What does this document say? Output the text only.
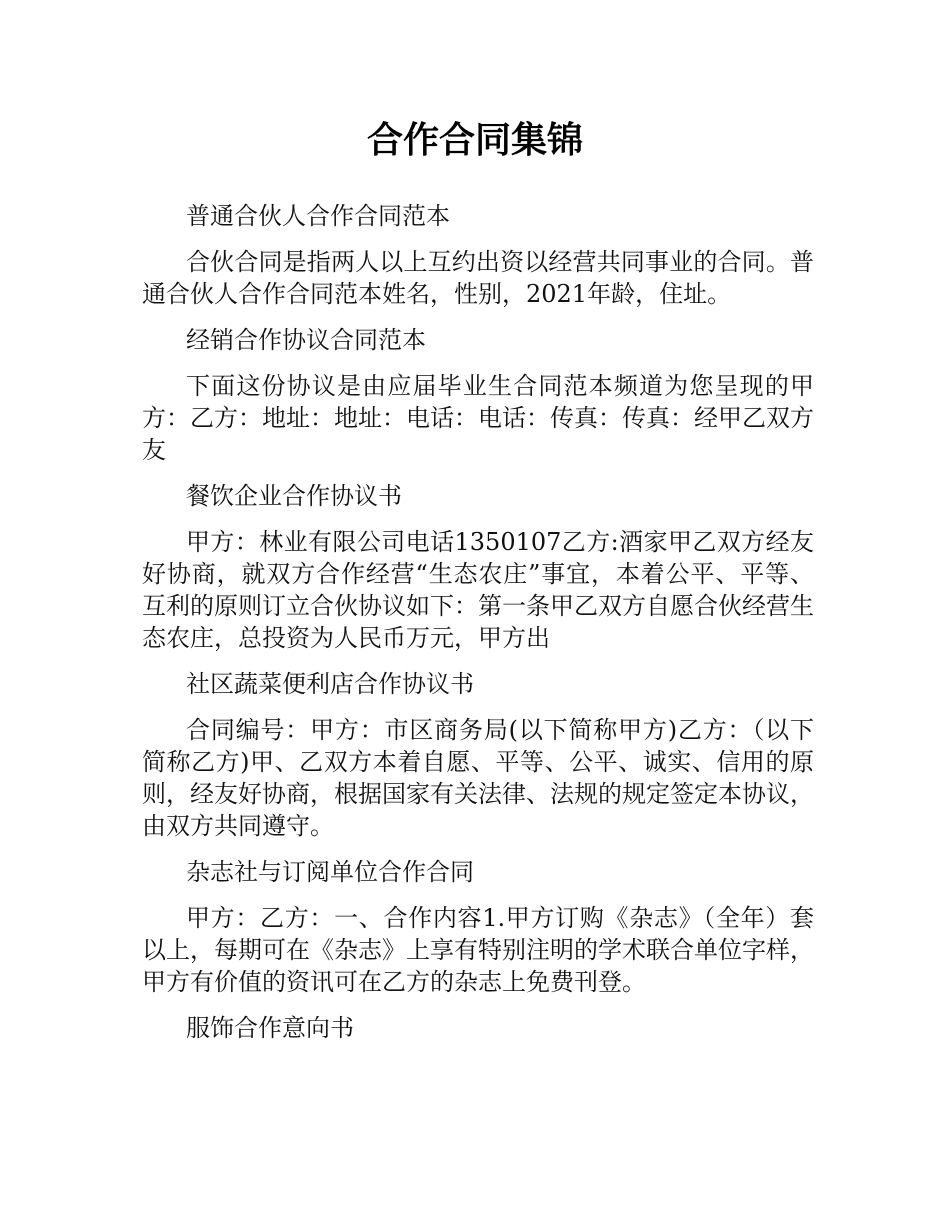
合作合同集锦

普通合伙人合作合同范本

合伙合同是指两人以上互约出资以经营共同事业的合同。普通合伙人合作合同范本姓名，性别，2021年龄，住址。

经销合作协议合同范本

下面这份协议是由应届毕业生合同范本频道为您呈现的甲方：乙方：地址：地址：电话：电话：传真：传真：经甲乙双方友

餐饮企业合作协议书

甲方：林业有限公司电话1350107乙方:酒家甲乙双方经友好协商，就双方合作经营“生态农庄”事宜，本着公平、平等、互利的原则订立合伙协议如下：第一条甲乙双方自愿合伙经营生态农庄，总投资为人民币万元，甲方出

社区蔬菜便利店合作协议书

合同编号：甲方：市区商务局(以下简称甲方)乙方：（以下简称乙方)甲、乙双方本着自愿、平等、公平、诚实、信用的原则，经友好协商，根据国家有关法律、法规的规定签定本协议，由双方共同遵守。

杂志社与订阅单位合作合同

甲方：乙方：一、合作内容1.甲方订购《杂志》（全年）套以上，每期可在《杂志》上享有特别注明的学术联合单位字样，甲方有价值的资讯可在乙方的杂志上免费刊登。

服饰合作意向书
